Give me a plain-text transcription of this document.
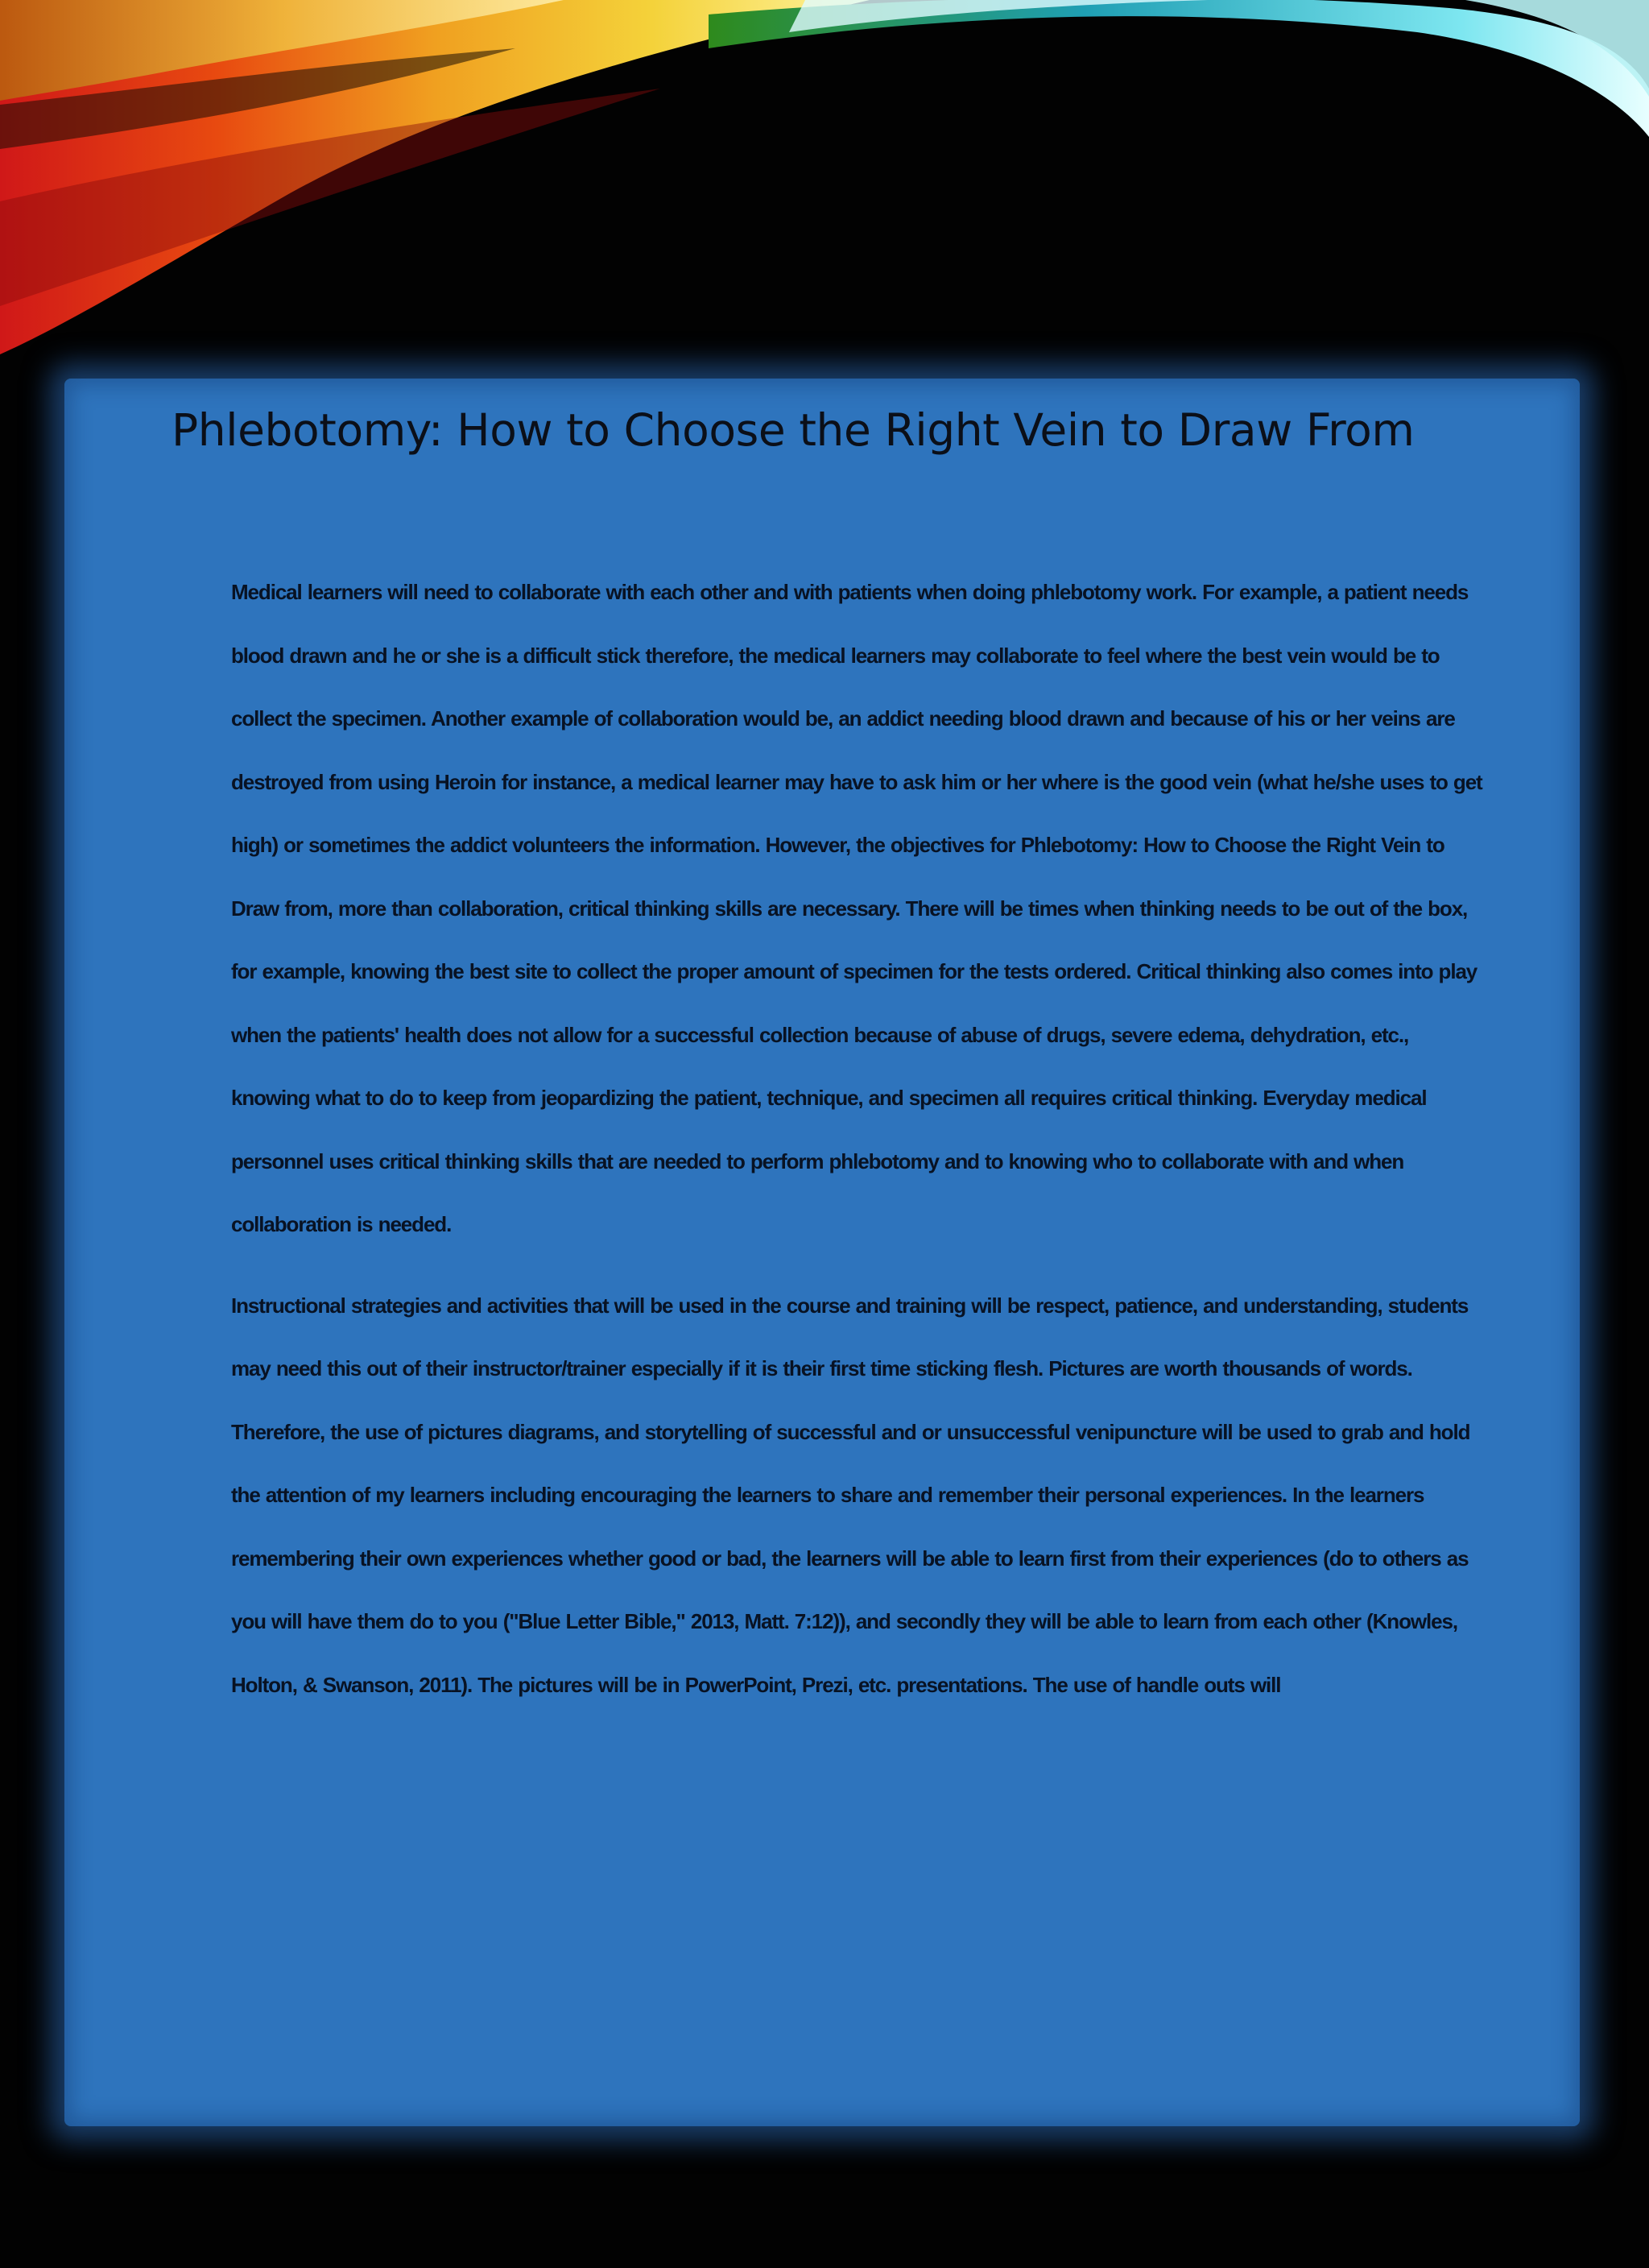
Phlebotomy: How to Choose the Right Vein to Draw From

Medical learners will need to collaborate with each other and with patients when doing phlebotomy work. For example, a patient needs blood drawn and he or she is a difficult stick therefore, the medical learners may collaborate to feel where the best vein would be to collect the specimen. Another example of collaboration would be, an addict needing blood drawn and because of his or her veins are destroyed from using Heroin for instance, a medical learner may have to ask him or her where is the good vein (what he/she uses to get high) or sometimes the addict volunteers the information. However, the objectives for Phlebotomy: How to Choose the Right Vein to Draw from, more than collaboration, critical thinking skills are necessary. There will be times when thinking needs to be out of the box, for example, knowing the best site to collect the proper amount of specimen for the tests ordered. Critical thinking also comes into play when the patients' health does not allow for a successful collection because of abuse of drugs, severe edema, dehydration, etc., knowing what to do to keep from jeopardizing the patient, technique, and specimen all requires critical thinking. Everyday medical personnel uses critical thinking skills that are needed to perform phlebotomy and to knowing who to collaborate with and when collaboration is needed.

Instructional strategies and activities that will be used in the course and training will be respect, patience, and understanding, students may need this out of their instructor/trainer especially if it is their first time sticking flesh. Pictures are worth thousands of words. Therefore, the use of pictures diagrams, and storytelling of successful and or unsuccessful venipuncture will be used to grab and hold the attention of my learners including encouraging the learners to share and remember their personal experiences. In the learners remembering their own experiences whether good or bad, the learners will be able to learn first from their experiences (do to others as you will have them do to you ("Blue Letter Bible," 2013, Matt. 7:12)), and secondly they will be able to learn from each other (Knowles, Holton, & Swanson, 2011). The pictures will be in PowerPoint, Prezi, etc. presentations. The use of handle outs will
